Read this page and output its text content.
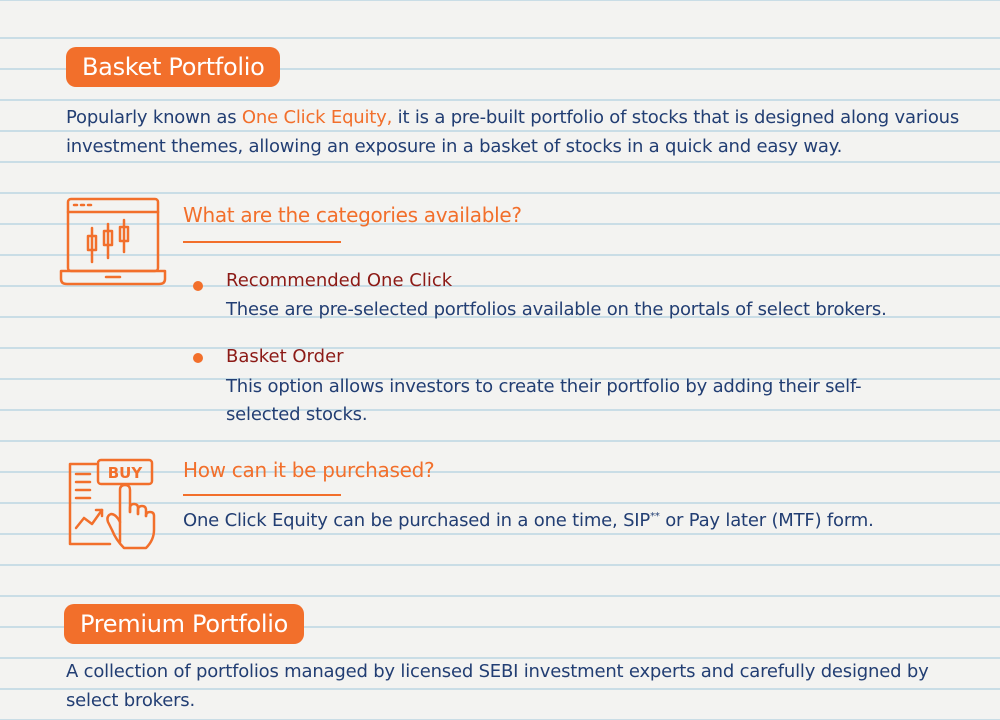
Basket Portfolio
Popularly known as One Click Equity, it is a pre-built portfolio of stocks that is designed along various investment themes, allowing an exposure in a basket of stocks in a quick and easy way.
What are the categories available?
Recommended One Click
These are pre-selected portfolios available on the portals of select brokers.
Basket Order
This option allows investors to create their portfolio by adding their self-selected stocks.
BUY How can it be purchased?
One Click Equity can be purchased in a one time, SIP** or Pay later (MTF) form.
Premium Portfolio
A collection of portfolios managed by licensed SEBI investment experts and carefully designed by select brokers.
